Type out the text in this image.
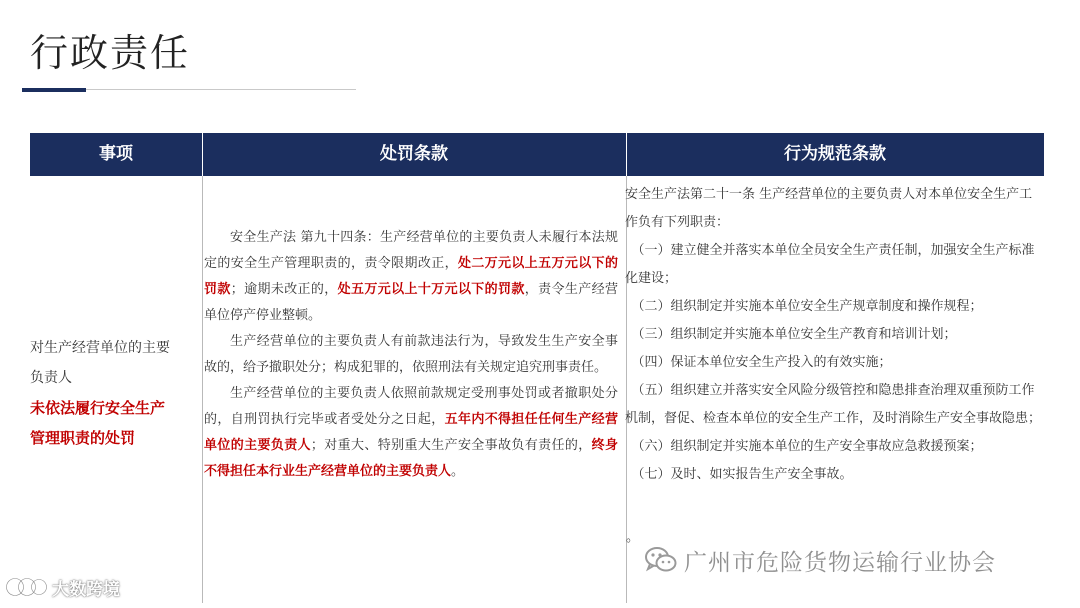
行政责任
事项	处罚条款	行为规范条款
对生产经营单位的主要
负责人
未依法履行安全生产
管理职责的处罚

安全生产法 第九十四条：生产经营单位的主要负责人未履行本法规定的安全生产管理职责的，责令限期改正，处二万元以上五万元以下的罚款；逾期未改正的，处五万元以上十万元以下的罚款，责令生产经营单位停产停业整顿。

生产经营单位的主要负责人有前款违法行为，导致发生生产安全事故的，给予撤职处分；构成犯罪的，依照刑法有关规定追究刑事责任。

生产经营单位的主要负责人依照前款规定受刑事处罚或者撤职处分的，自刑罚执行完毕或者受处分之日起，五年内不得担任任何生产经营单位的主要负责人；对重大、特别重大生产安全事故负有责任的，终身不得担任本行业生产经营单位的主要负责人。

安全生产法第二十一条 生产经营单位的主要负责人对本单位安全生产工作负有下列职责：
（一）建立健全并落实本单位全员安全生产责任制，加强安全生产标准化建设；
（二）组织制定并实施本单位安全生产规章制度和操作规程；
（三）组织制定并实施本单位安全生产教育和培训计划；
（四）保证本单位安全生产投入的有效实施；
（五）组织建立并落实安全风险分级管控和隐患排查治理双重预防工作机制，督促、检查本单位的安全生产工作，及时消除生产安全事故隐患；
（六）组织制定并实施本单位的生产安全事故应急救援预案；
（七）及时、如实报告生产安全事故。
。
广州市危险货物运输行业协会
大数跨境
